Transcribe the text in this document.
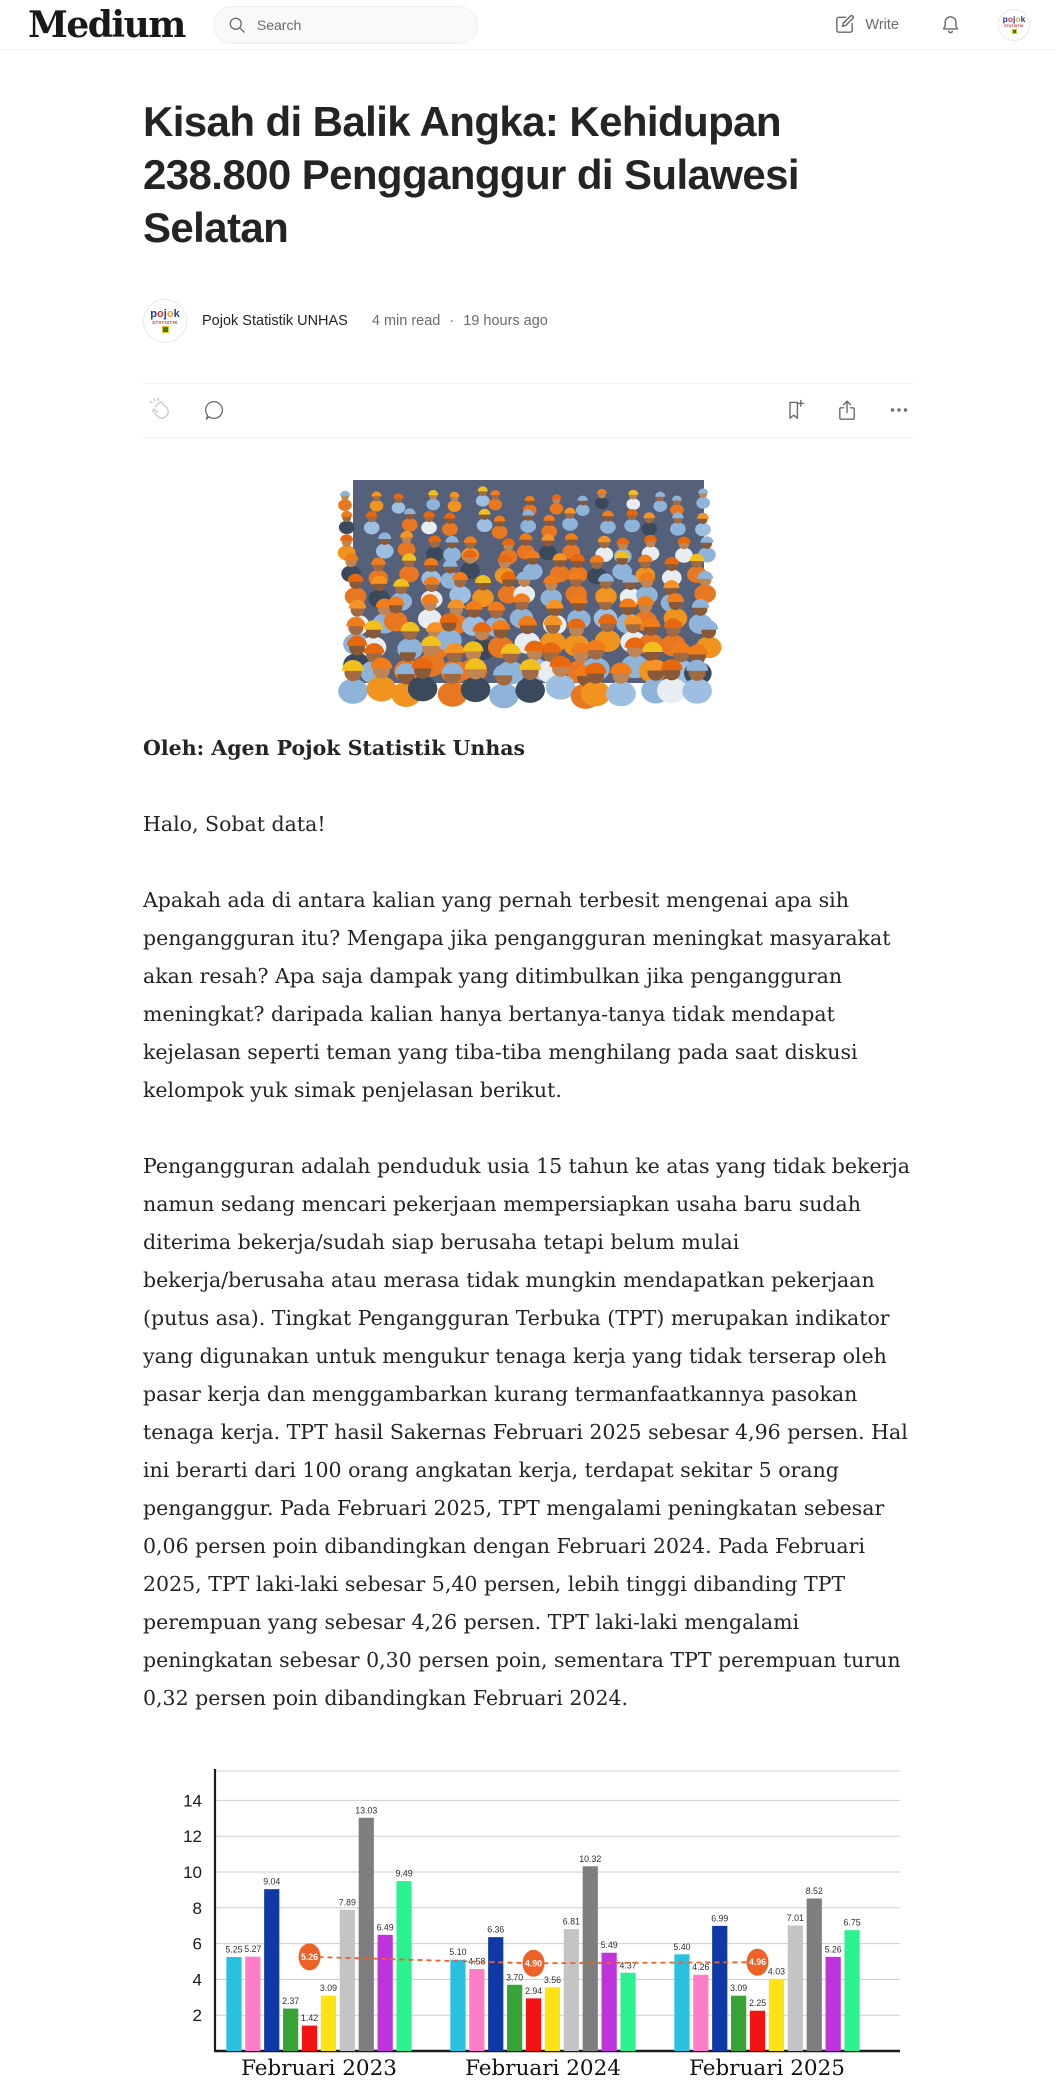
Medium
Search	Write	pojok
STATISTIK
Kisah di Balik Angka: Kehidupan 238.800 Pengganggur di Sulawesi Selatan
pojok
STATISTIK Pojok Statistik UNHAS 4 min read · 19 hours ago

Oleh: Agen Pojok Statistik Unhas

Halo, Sobat data!

Apakah ada di antara kalian yang pernah terbesit mengenai apa sih pengangguran itu? Mengapa jika pengangguran meningkat masyarakat akan resah? Apa saja dampak yang ditimbulkan jika pengangguran meningkat? daripada kalian hanya bertanya-tanya tidak mendapat kejelasan seperti teman yang tiba-tiba menghilang pada saat diskusi kelompok yuk simak penjelasan berikut.

Pengangguran adalah penduduk usia 15 tahun ke atas yang tidak bekerja namun sedang mencari pekerjaan mempersiapkan usaha baru sudah diterima bekerja/sudah siap berusaha tetapi belum mulai bekerja/berusaha atau merasa tidak mungkin mendapatkan pekerjaan (putus asa). Tingkat Pengangguran Terbuka (TPT) merupakan indikator yang digunakan untuk mengukur tenaga kerja yang tidak terserap oleh pasar kerja dan menggambarkan kurang termanfaatkannya pasokan tenaga kerja. TPT hasil Sakernas Februari 2025 sebesar 4,96 persen. Hal ini berarti dari 100 orang angkatan kerja, terdapat sekitar 5 orang penganggur. Pada Februari 2025, TPT mengalami peningkatan sebesar 0,06 persen poin dibandingkan dengan Februari 2024. Pada Februari 2025, TPT laki-laki sebesar 5,40 persen, lebih tinggi dibanding TPT perempuan yang sebesar 4,26 persen. TPT laki-laki mengalami peningkatan sebesar 0,30 persen poin, sementara TPT perempuan turun 0,32 persen poin dibandingkan Februari 2024.

2
4
6
8
10
12
14
5.25 5.27
9.04
2.37
1.42
3.09
7.89
13.03
6.49
9.49
5.10
4.58
6.36
3.70
2.94
3.56
6.81
10.32
5.49
4.37
5.40
4.26
6.99
3.09
2.25
4.03
7.01
8.52
5.26
6.75
5.26
4.90	4.96
Februari 2023	Februari 2024	Februari 2025
